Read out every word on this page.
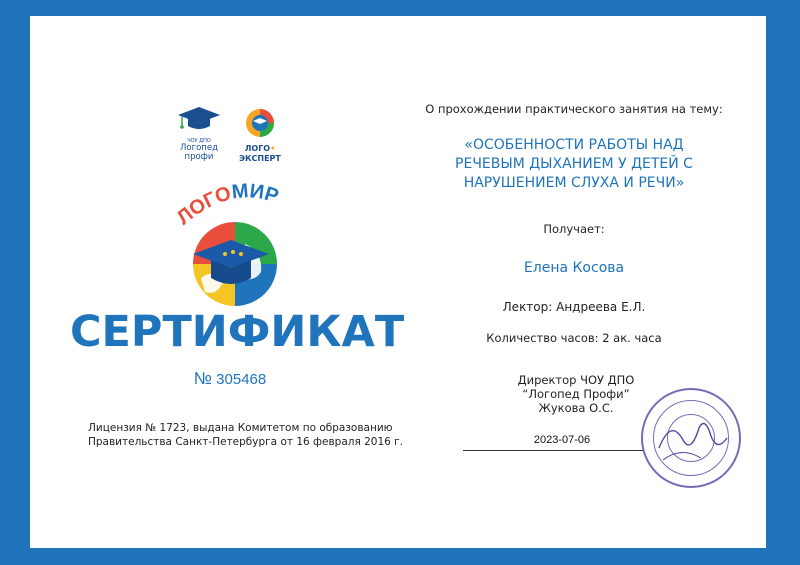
ЧОУ ДПО
Логопед
профи
ЛОГО•
ЭКСПЕРТ
ЛОГОМИР
СЕРТИФИКАТ
№ 305468
Лицензия № 1723, выдана Комитетом по образованию
Правительства Санкт-Петербурга от 16 февраля 2016 г.
О прохождении практического занятия на тему:
«ОСОБЕННОСТИ РАБОТЫ НАД
РЕЧЕВЫМ ДЫХАНИЕМ У ДЕТЕЙ С
НАРУШЕНИЕМ СЛУХА И РЕЧИ»
Получает:
Елена Косова
Лектор: Андреева Е.Л.
Количество часов: 2 ак. часа
Директор ЧОУ ДПО
“Логопед Профи”
Жукова О.С.
2023-07-06
